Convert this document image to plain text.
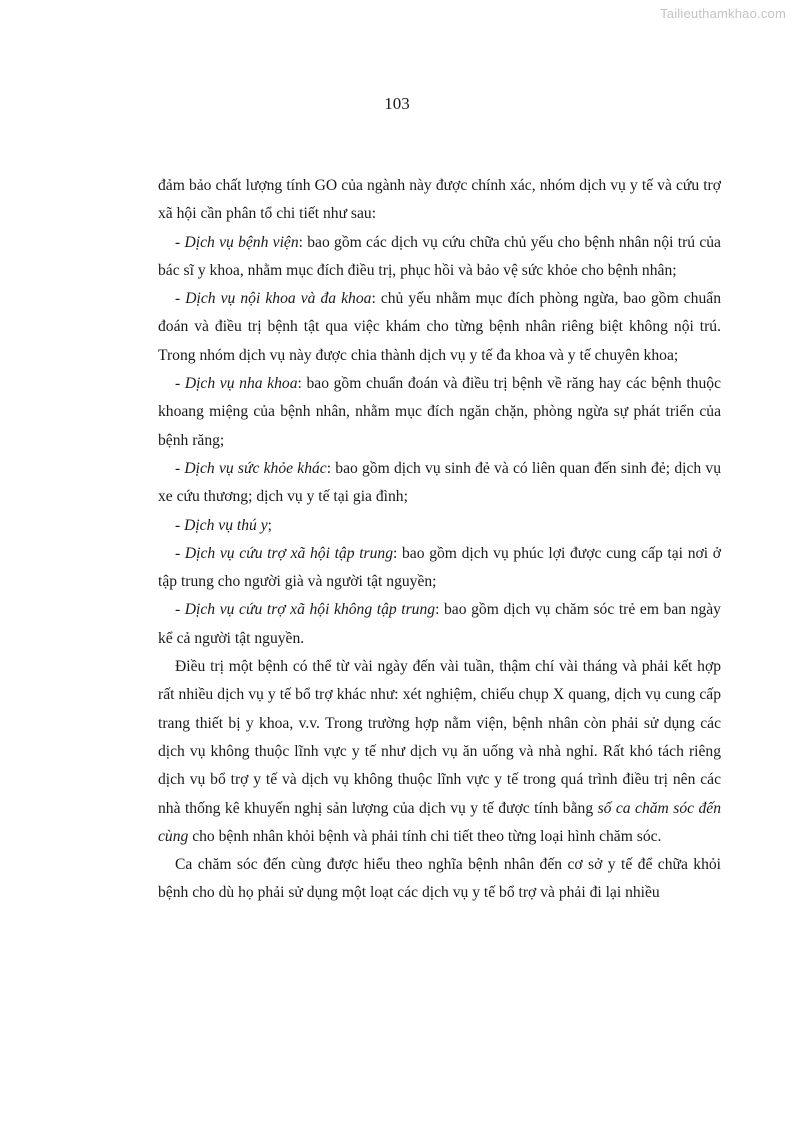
Tailieuthamkhao.com
103

đảm bảo chất lượng tính GO của ngành này được chính xác, nhóm dịch vụ y tế và cứu trợ xã hội cần phân tổ chi tiết như sau:

- Dịch vụ bệnh viện: bao gồm các dịch vụ cứu chữa chủ yếu cho bệnh nhân nội trú của bác sĩ y khoa, nhằm mục đích điều trị, phục hồi và bảo vệ sức khỏe cho bệnh nhân;

- Dịch vụ nội khoa và đa khoa: chủ yếu nhằm mục đích phòng ngừa, bao gồm chuẩn đoán và điều trị bệnh tật qua việc khám cho từng bệnh nhân riêng biệt không nội trú. Trong nhóm dịch vụ này được chia thành dịch vụ y tế đa khoa và y tế chuyên khoa;

- Dịch vụ nha khoa: bao gồm chuẩn đoán và điều trị bệnh về răng hay các bệnh thuộc khoang miệng của bệnh nhân, nhằm mục đích ngăn chặn, phòng ngừa sự phát triển của bệnh răng;

- Dịch vụ sức khỏe khác: bao gồm dịch vụ sinh đẻ và có liên quan đến sinh đẻ; dịch vụ xe cứu thương; dịch vụ y tế tại gia đình;

- Dịch vụ thú y;

- Dịch vụ cứu trợ xã hội tập trung: bao gồm dịch vụ phúc lợi được cung cấp tại nơi ở tập trung cho người già và người tật nguyền;

- Dịch vụ cứu trợ xã hội không tập trung: bao gồm dịch vụ chăm sóc trẻ em ban ngày kể cả người tật nguyền.

Điều trị một bệnh có thể từ vài ngày đến vài tuần, thậm chí vài tháng và phải kết hợp rất nhiều dịch vụ y tế bổ trợ khác như: xét nghiệm, chiếu chụp X quang, dịch vụ cung cấp trang thiết bị y khoa, v.v. Trong trường hợp nằm viện, bệnh nhân còn phải sử dụng các dịch vụ không thuộc lĩnh vực y tế như dịch vụ ăn uống và nhà nghỉ. Rất khó tách riêng dịch vụ bổ trợ y tế và dịch vụ không thuộc lĩnh vực y tế trong quá trình điều trị nên các nhà thống kê khuyến nghị sản lượng của dịch vụ y tế được tính bằng số ca chăm sóc đến cùng cho bệnh nhân khỏi bệnh và phải tính chi tiết theo từng loại hình chăm sóc.

Ca chăm sóc đến cùng được hiểu theo nghĩa bệnh nhân đến cơ sở y tế để chữa khỏi bệnh cho dù họ phải sử dụng một loạt các dịch vụ y tế bổ trợ và phải đi lại nhiều
